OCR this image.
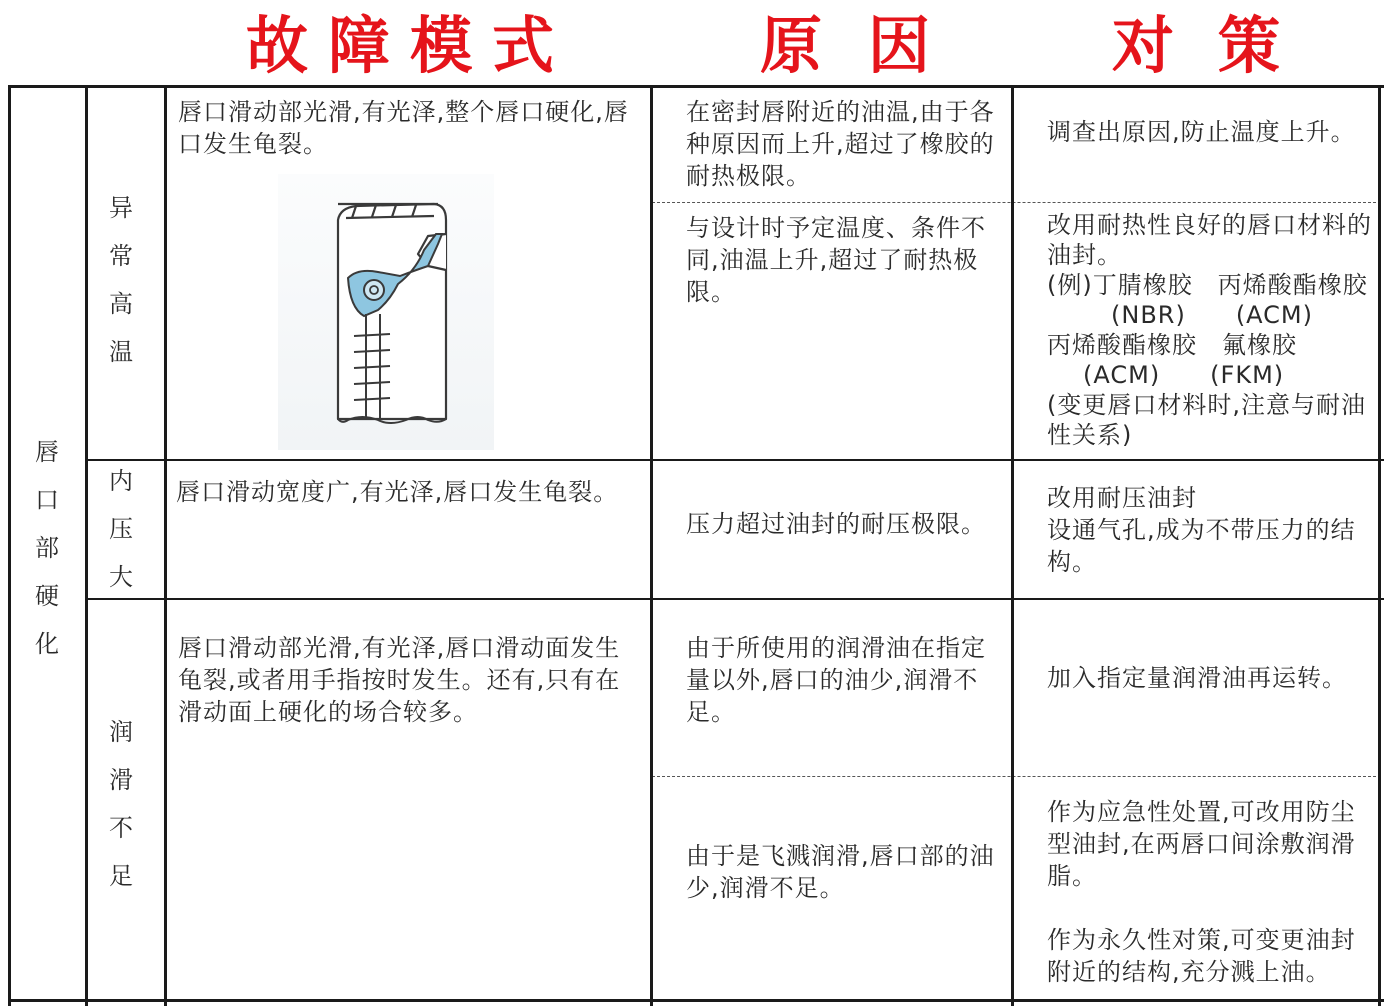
故障模式	原因 对策
唇口部硬化
异常高温
内压大
润滑不足
唇口滑动部光滑,有光泽,整个唇口硬化,唇口发生龟裂。
唇口滑动宽度广,有光泽,唇口发生龟裂。
唇口滑动部光滑,有光泽,唇口滑动面发生龟裂,或者用手指按时发生。还有,只有在滑动面上硬化的场合较多。
在密封唇附近的油温,由于各种原因而上升,超过了橡胶的耐热极限。
与设计时予定温度、条件不同,油温上升,超过了耐热极限。
压力超过油封的耐压极限。
由于所使用的润滑油在指定量以外,唇口的油少,润滑不足。
由于是飞溅润滑,唇口部的油少,润滑不足。
调查出原因,防止温度上升。
改用耐热性良好的唇口材料的油封。
(例)丁腈橡胶　丙烯酸酯橡胶
(NBR)　　(ACM)
丙烯酸酯橡胶　氟橡胶
(ACM)　　(FKM)
(变更唇口材料时,注意与耐油性关系)
改用耐压油封
设通气孔,成为不带压力的结构。
加入指定量润滑油再运转。
作为应急性处置,可改用防尘型油封,在两唇口间涂敷润滑脂。
作为永久性对策,可变更油封附近的结构,充分溅上油。
